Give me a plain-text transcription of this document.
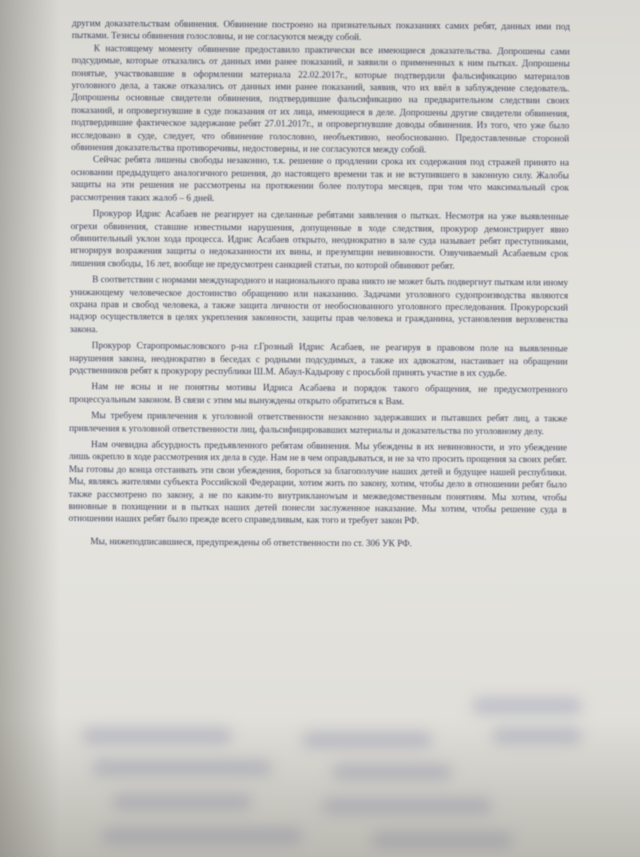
другим доказательствам обвинения. Обвинение построено на признательных показаниях самих ребят, данных ими под пытками. Тезисы обвинения голословны, и не согласуются между собой.

К настоящему моменту обвинение предоставило практически все имеющиеся доказательства. Допрошены сами подсудимые, которые отказались от данных ими ранее показаний, и заявили о примененных к ним пытках. Допрошены понятые, участвовавшие в оформлении материала 22.02.2017г., которые подтвердили фальсификацию материалов уголовного дела, а также отказались от данных ими ранее показаний, заявив, что их ввёл в заблуждение следователь. Допрошены основные свидетели обвинения, подтвердившие фальсификацию на предварительном следствии своих показаний, и опровергнувшие в суде показания от их лица, имеющиеся в деле. Допрошены другие свидетели обвинения, подтвердившие фактическое задержание ребят 27.01.2017г., и опровергнувшие доводы обвинения. Из того, что уже было исследовано в суде, следует, что обвинение голословно, необъективно, необоснованно. Предоставленные стороной обвинения доказательства противоречивы, недостоверны, и не согласуются между собой.

Сейчас ребята лишены свободы незаконно, т.к. решение о продлении срока их содержания под стражей принято на основании предыдущего аналогичного решения, до настоящего времени так и не вступившего в законную силу. Жалобы защиты на эти решения не рассмотрены на протяжении более полутора месяцев, при том что максимальный срок рассмотрения таких жалоб – 6 дней.

Прокурор Идрис Асабаев не реагирует на сделанные ребятами заявления о пытках. Несмотря на уже выявленные огрехи обвинения, ставшие известными нарушения, допущенные в ходе следствия, прокурор демонстрирует явно обвинительный уклон хода процесса. Идрис Асабаев открыто, неоднократно в зале суда называет ребят преступниками, игнорируя возражения защиты о недоказанности их вины, и презумпции невиновности. Озвучиваемый Асабаевым срок лишения свободы, 16 лет, вообще не предусмотрен санкцией статьи, по которой обвиняют ребят.

В соответствии с нормами международного и национального права никто не может быть подвергнут пыткам или иному унижающему человеческое достоинство обращению или наказанию. Задачами уголовного судопроизводства являются охрана прав и свобод человека, а также защита личности от необоснованного уголовного преследования. Прокурорский надзор осуществляется в целях укрепления законности, защиты прав человека и гражданина, установления верховенства закона.

Прокурор Старопромысловского р-на г.Грозный Идрис Асабаев, не реагируя в правовом поле на выявленные нарушения закона, неоднократно в беседах с родными подсудимых, а также их адвокатом, настаивает на обращении родственников ребят к прокурору республики Ш.М. Абаул-Кадырову с просьбой принять участие в их судьбе.

Нам не ясны и не понятны мотивы Идриса Асабаева и порядок такого обращения, не предусмотренного процессуальным законом. В связи с этим мы вынуждены открыто обратиться к Вам.

Мы требуем привлечения к уголовной ответственности незаконно задержавших и пытавших ребят лиц, а также привлечения к уголовной ответственности лиц, фальсифицировавших материалы и доказательства по уголовному делу.

Нам очевидна абсурдность предъявленного ребятам обвинения. Мы убеждены в их невиновности, и это убеждение лишь окрепло в ходе рассмотрения их дела в суде. Нам не в чем оправдываться, и не за что просить прощения за своих ребят. Мы готовы до конца отстаивать эти свои убеждения, бороться за благополучие наших детей и будущее нашей республики. Мы, являясь жителями субъекта Российской Федерации, хотим жить по закону, хотим, чтобы дело в отношении ребят было также рассмотрено по закону, а не по каким-то внутрикланowым и межведомственным понятиям. Мы хотим, чтобы виновные в похищении и в пытках наших детей понесли заслуженное наказание. Мы хотим, чтобы решение суда в отношении наших ребят было прежде всего справедливым, как того и требует закон РФ.

Мы, нижеподписавшиеся, предупреждены об ответственности по ст. 306 УК РФ.
